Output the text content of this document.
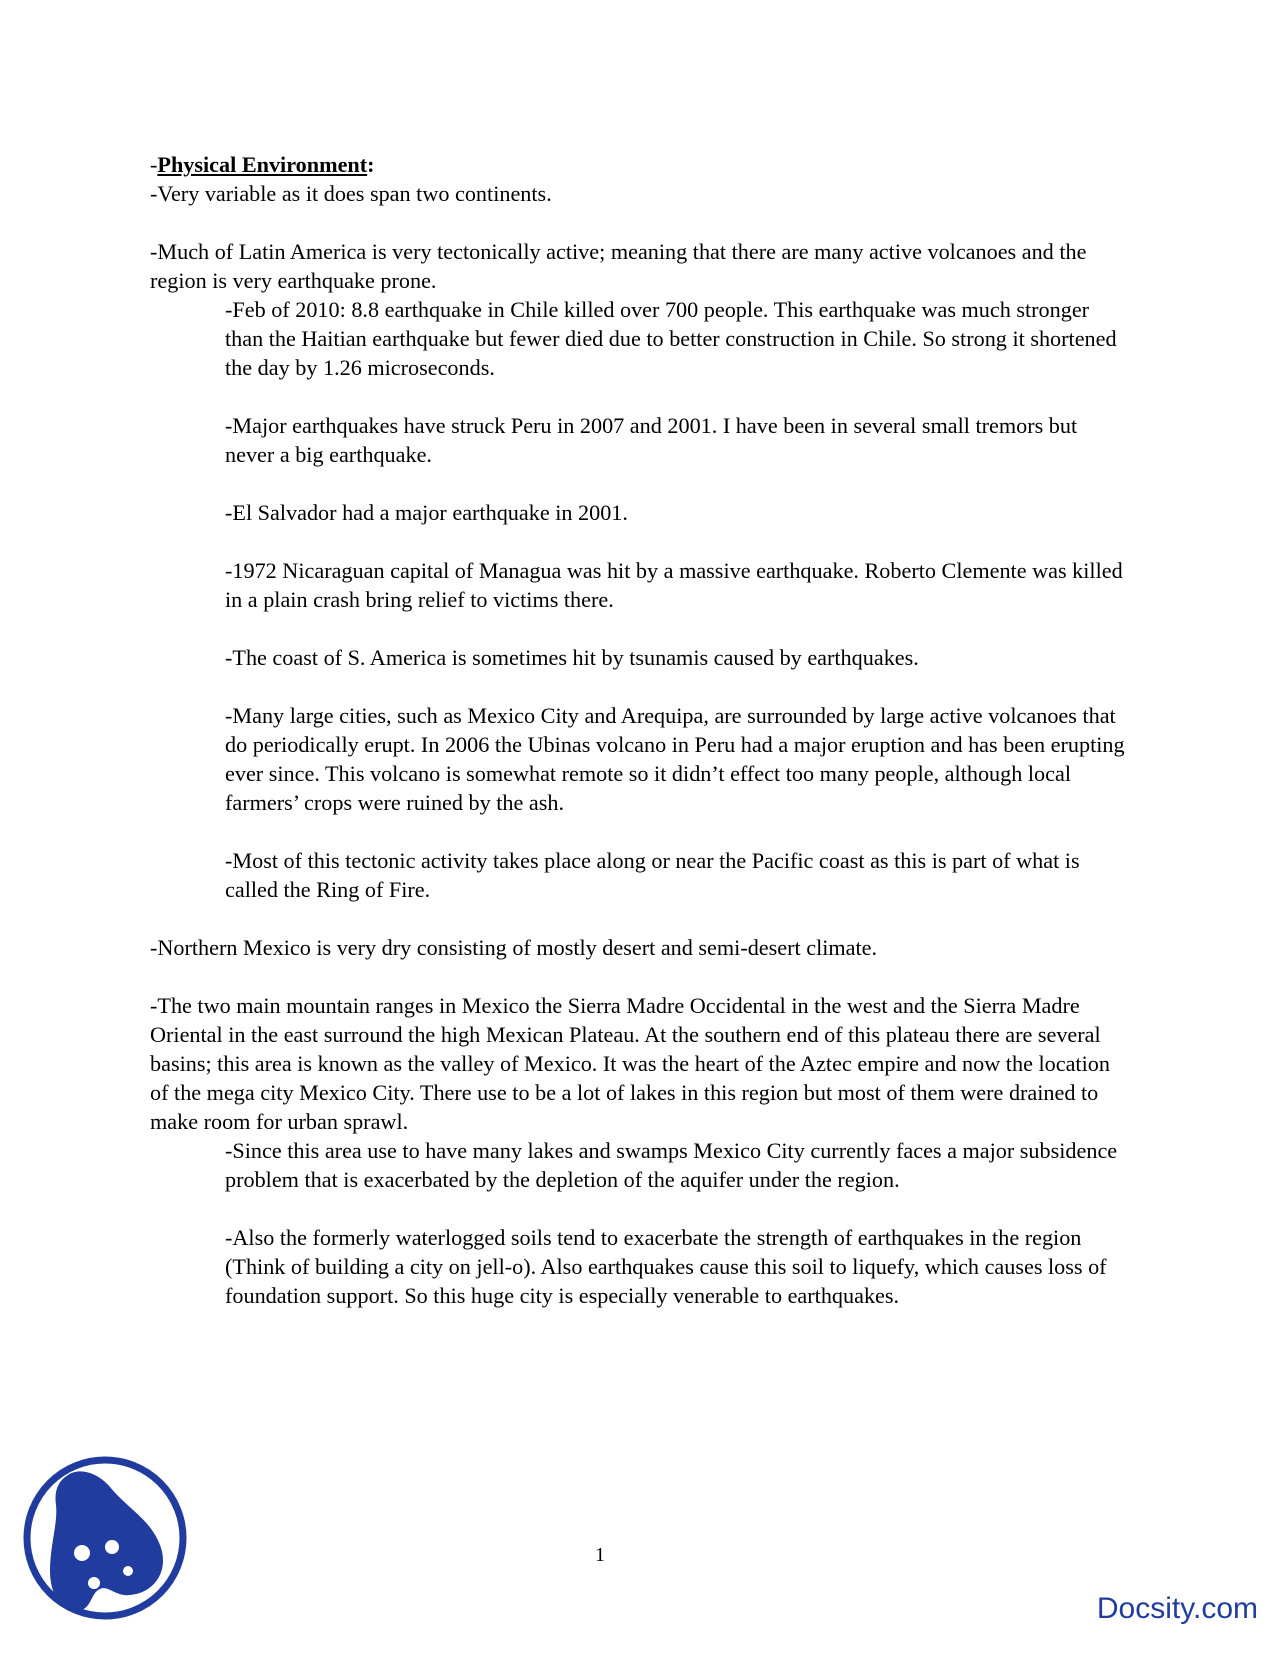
-Physical Environment:

-Very variable as it does span two continents.

-Much of Latin America is very tectonically active; meaning that there are many active volcanoes and the region is very earthquake prone.

-Feb of 2010: 8.8 earthquake in Chile killed over 700 people. This earthquake was much stronger than the Haitian earthquake but fewer died due to better construction in Chile. So strong it shortened the day by 1.26 microseconds.

-Major earthquakes have struck Peru in 2007 and 2001. I have been in several small tremors but never a big earthquake.

-El Salvador had a major earthquake in 2001.

-1972 Nicaraguan capital of Managua was hit by a massive earthquake. Roberto Clemente was killed in a plain crash bring relief to victims there.

-The coast of S. America is sometimes hit by tsunamis caused by earthquakes.

-Many large cities, such as Mexico City and Arequipa, are surrounded by large active volcanoes that do periodically erupt. In 2006 the Ubinas volcano in Peru had a major eruption and has been erupting ever since. This volcano is somewhat remote so it didn’t effect too many people, although local farmers’ crops were ruined by the ash.

-Most of this tectonic activity takes place along or near the Pacific coast as this is part of what is called the Ring of Fire.

-Northern Mexico is very dry consisting of mostly desert and semi-desert climate.

-The two main mountain ranges in Mexico the Sierra Madre Occidental in the west and the Sierra Madre Oriental in the east surround the high Mexican Plateau. At the southern end of this plateau there are several basins; this area is known as the valley of Mexico. It was the heart of the Aztec empire and now the location of the mega city Mexico City. There use to be a lot of lakes in this region but most of them were drained to make room for urban sprawl.

-Since this area use to have many lakes and swamps Mexico City currently faces a major subsidence problem that is exacerbated by the depletion of the aquifer under the region.

-Also the formerly waterlogged soils tend to exacerbate the strength of earthquakes in the region (Think of building a city on jell-o). Also earthquakes cause this soil to liquefy, which causes loss of foundation support. So this huge city is especially venerable to earthquakes.

1
Docsity.com
